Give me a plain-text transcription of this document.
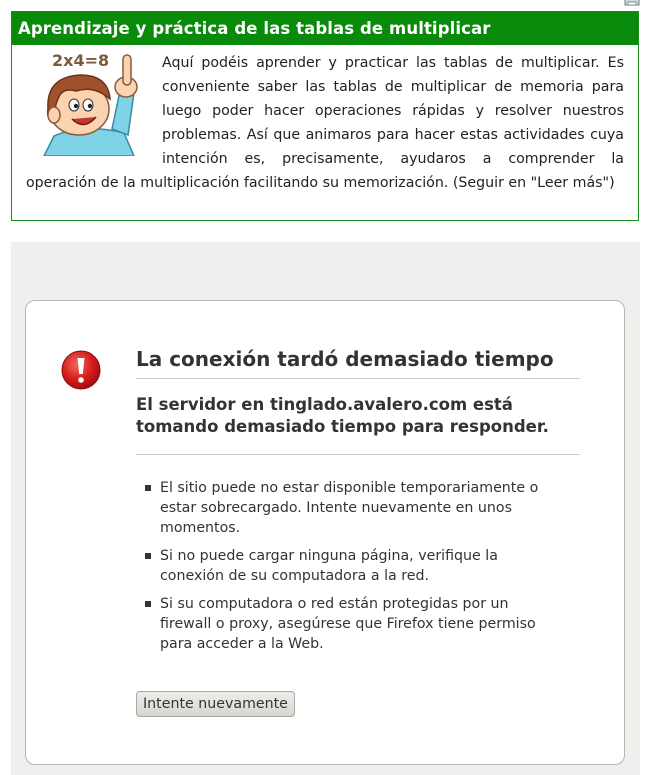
Aprendizaje y práctica de las tablas de multiplicar
2x4=8	Aquí podéis aprender y practicar las tablas de multiplicar. Es conveniente saber las tablas de multiplicar de memoria para luego poder hacer operaciones rápidas y resolver nuestros problemas. Así que animaros para hacer estas actividades cuya intención es, precisamente, ayudaros a comprender la operación de la multiplicación facilitando su memorización. (Seguir en "Leer más")

La conexión tardó demasiado tiempo

El servidor en tinglado.avalero.com está tomando demasiado tiempo para responder.

El sitio puede no estar disponible temporariamente o estar sobrecargado. Intente nuevamente en unos momentos.
Si no puede cargar ninguna página, verifique la conexión de su computadora a la red.
Si su computadora o red están protegidas por un firewall o proxy, asegúrese que Firefox tiene permiso para acceder a la Web.
Intente nuevamente
